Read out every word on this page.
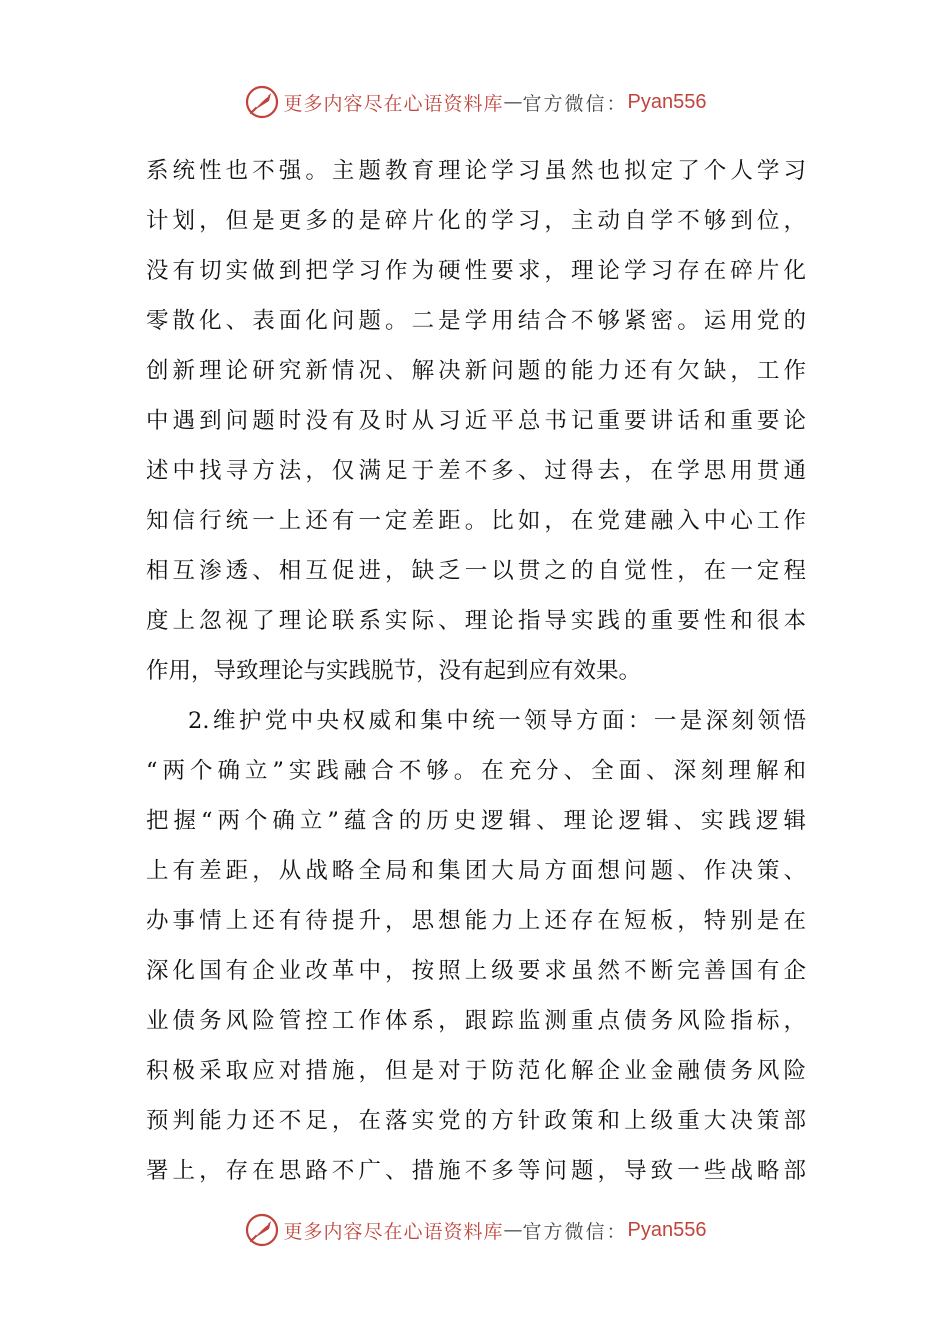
更多内容尽在心语资料库 — 官方微信： Pyan556
系统性也不强。主题教育理论学习虽然也拟定了个人学习
计划，但是更多的是碎片化的学习，主动自学不够到位，
没有切实做到把学习作为硬性要求，理论学习存在碎片化
零散化、表面化问题。二是学用结合不够紧密。运用党的
创新理论研究新情况、解决新问题的能力还有欠缺，工作
中遇到问题时没有及时从习近平总书记重要讲话和重要论
述中找寻方法，仅满足于差不多、过得去，在学思用贯通
知信行统一上还有一定差距。比如，在党建融入中心工作
相互渗透、相互促进，缺乏一以贯之的自觉性，在一定程
度上忽视了理论联系实际、理论指导实践的重要性和很本
作用，导致理论与实践脱节，没有起到应有效果。
2.维护党中央权威和集中统一领导方面：一是深刻领悟
“两个确立”实践融合不够。在充分、全面、深刻理解和
把握“两个确立”蕴含的历史逻辑、理论逻辑、实践逻辑
上有差距，从战略全局和集团大局方面想问题、作决策、
办事情上还有待提升，思想能力上还存在短板，特别是在
深化国有企业改革中，按照上级要求虽然不断完善国有企
业债务风险管控工作体系，跟踪监测重点债务风险指标，
积极采取应对措施，但是对于防范化解企业金融债务风险
预判能力还不足，在落实党的方针政策和上级重大决策部
署上，存在思路不广、措施不多等问题，导致一些战略部
更多内容尽在心语资料库 — 官方微信： Pyan556
